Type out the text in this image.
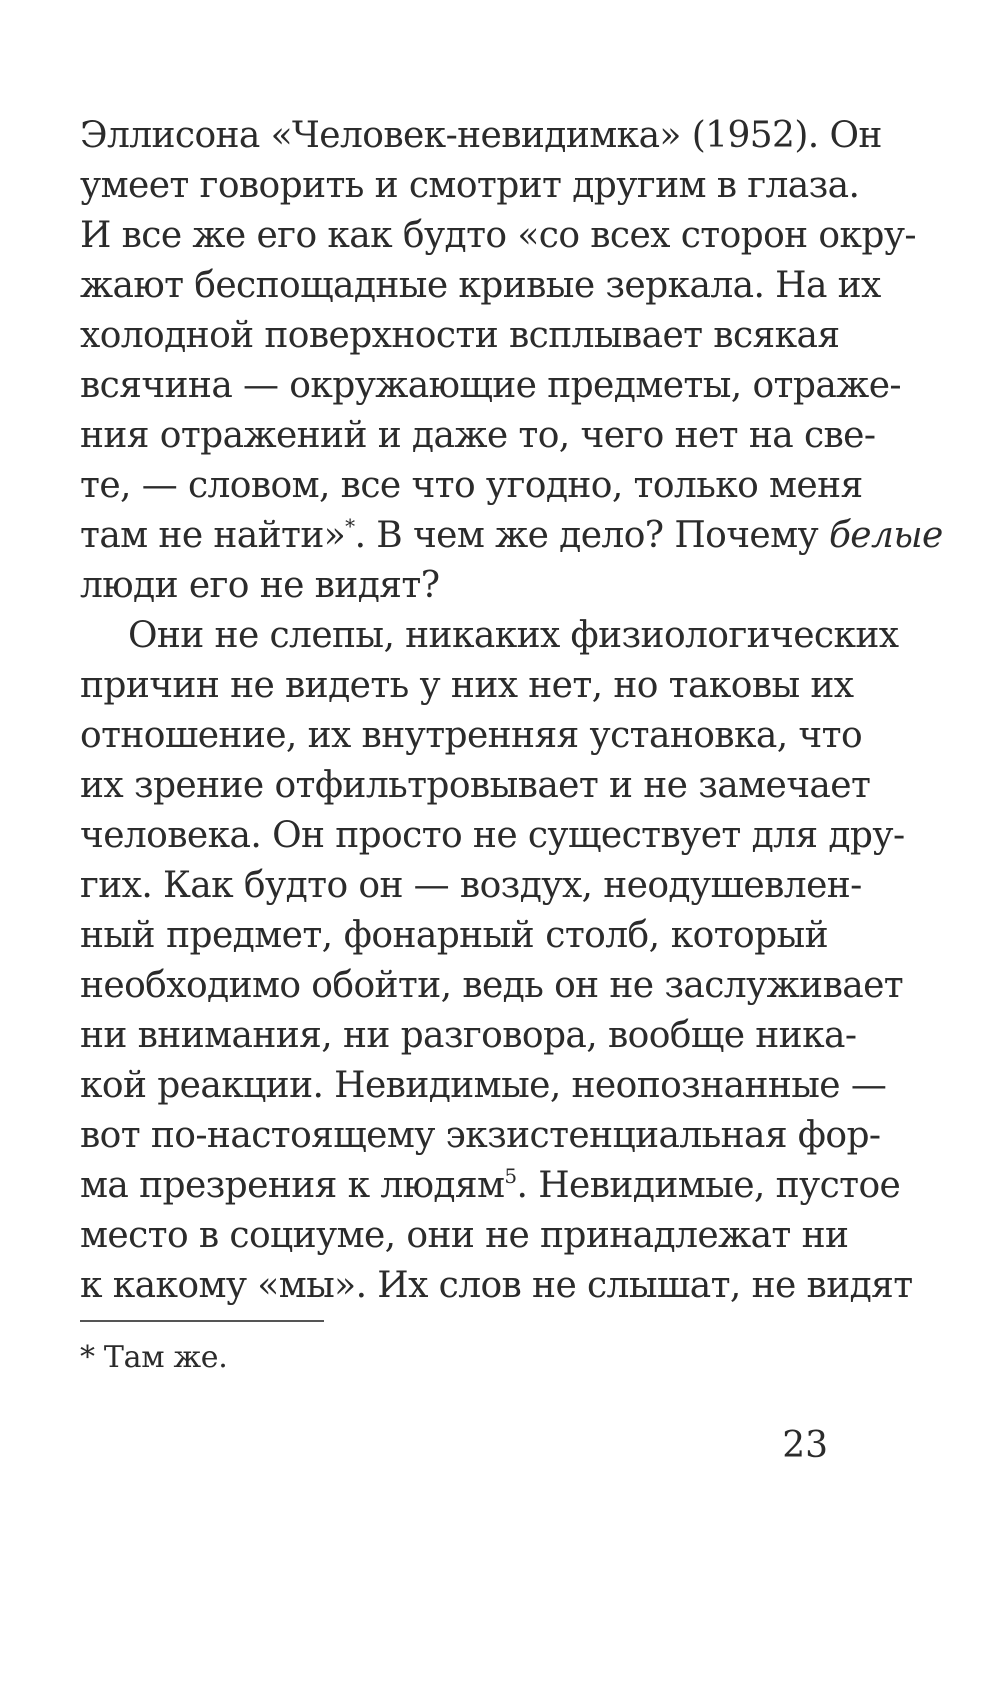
Эллисона «Человек-невидимка» (1952). Он
умеет говорить и смотрит другим в глаза.
И все же его как будто «со всех сторон окру-
жают беспощадные кривые зеркала. На их
холодной поверхности всплывает всякая
всячина — окружающие предметы, отраже-
ния отражений и даже то, чего нет на све-
те, — словом, все что угодно, только меня
там не найти»*. В чем же дело? Почему белые
люди его не видят?
Они не слепы, никаких физиологических
причин не видеть у них нет, но таковы их
отношение, их внутренняя установка, что
их зрение отфильтровывает и не замечает
человека. Он просто не существует для дру-
гих. Как будто он — воздух, неодушевлен-
ный предмет, фонарный столб, который
необходимо обойти, ведь он не заслуживает
ни внимания, ни разговора, вообще ника-
кой реакции. Невидимые, неопознанные —
вот по-настоящему экзистенциальная фор-
ма презрения к людям$^5$. Невидимые, пустое
место в социуме, они не принадлежат ни
к какому «мы». Их слов не слышат, не видят
* Там же.
23
